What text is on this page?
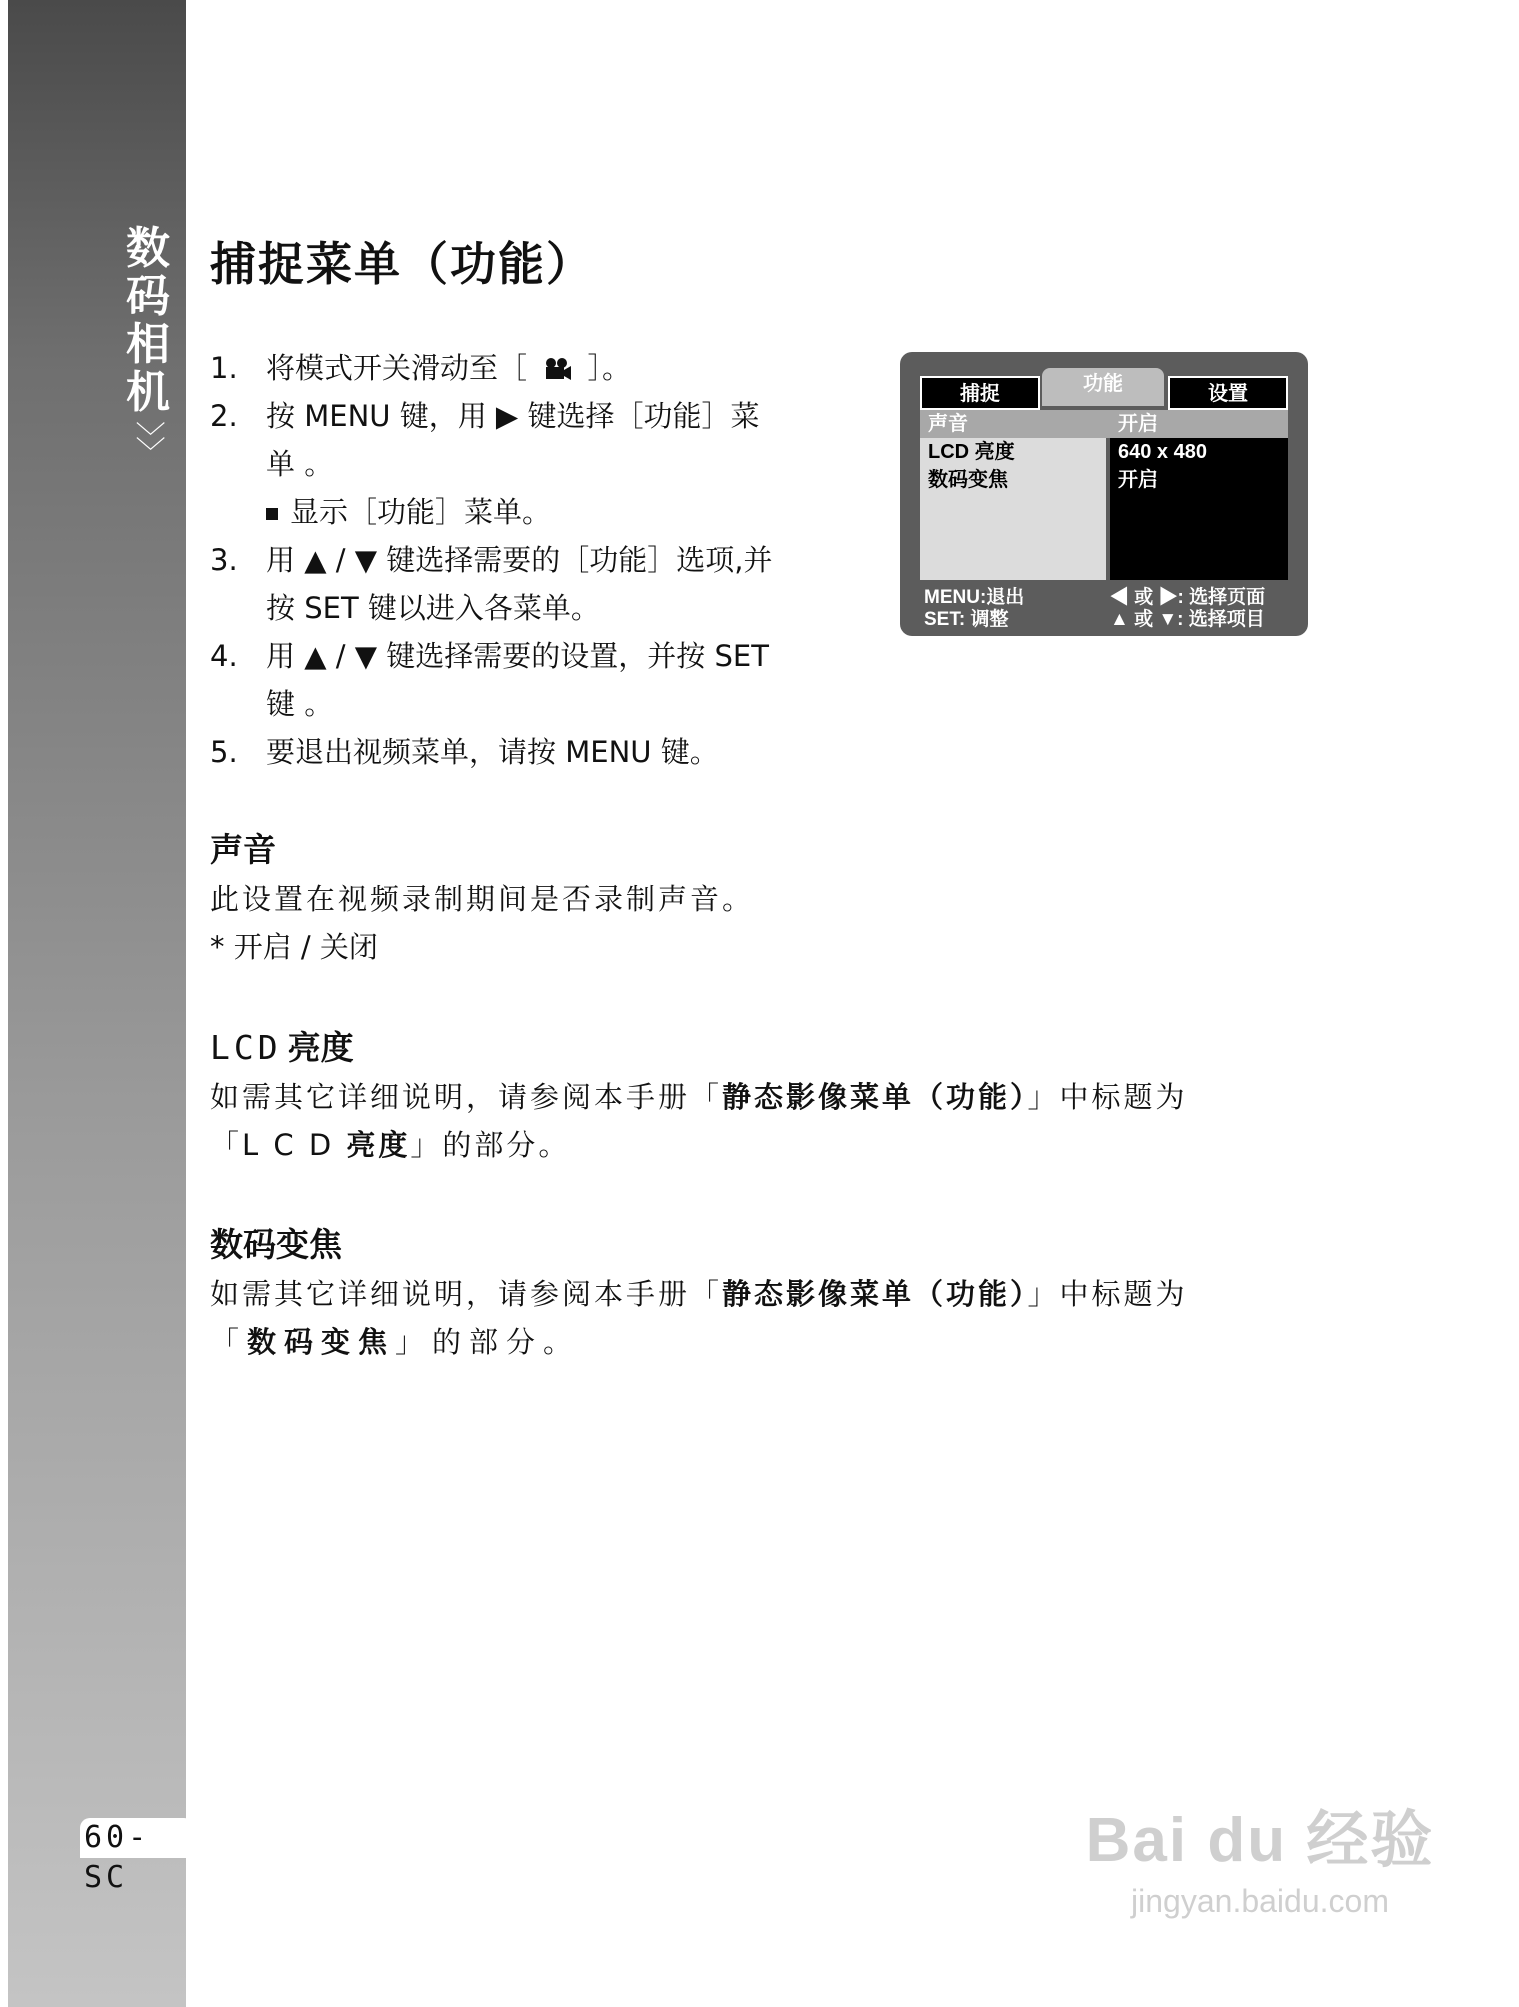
数
码
相
机
〉〉
60-SC
捕捉菜单（功能）
1. 将模式开关滑动至［ ］。
2. 按 MENU 键，用 ▶ 键选择［功能］菜
单 。
显示［功能］菜单。
3. 用 ▲ / ▼ 键选择需要的［功能］选项,并
按 SET 键以进入各菜单。
4. 用 ▲ / ▼ 键选择需要的设置，并按 SET
键 。
5. 要退出视频菜单，请按 MENU 键。
捕捉	功能	设置
声音	开启
LCD 亮度	640 x 480
数码变焦	开启
MENU:退出
SET: 调整
◀ 或 ▶: 选择页面
▲ 或 ▼: 选择项目
声音
此设置在视频录制期间是否录制声音。
* 开启 / 关闭
LCD 亮度
如需其它详细说明，请参阅本手册「静态影像菜单（功能）」中标题为
「L C D 亮度」的部分。
数码变焦
如需其它详细说明，请参阅本手册「静态影像菜单（功能）」中标题为
「数码变焦」的部分。
Bai du 经验
jingyan.baidu.com
